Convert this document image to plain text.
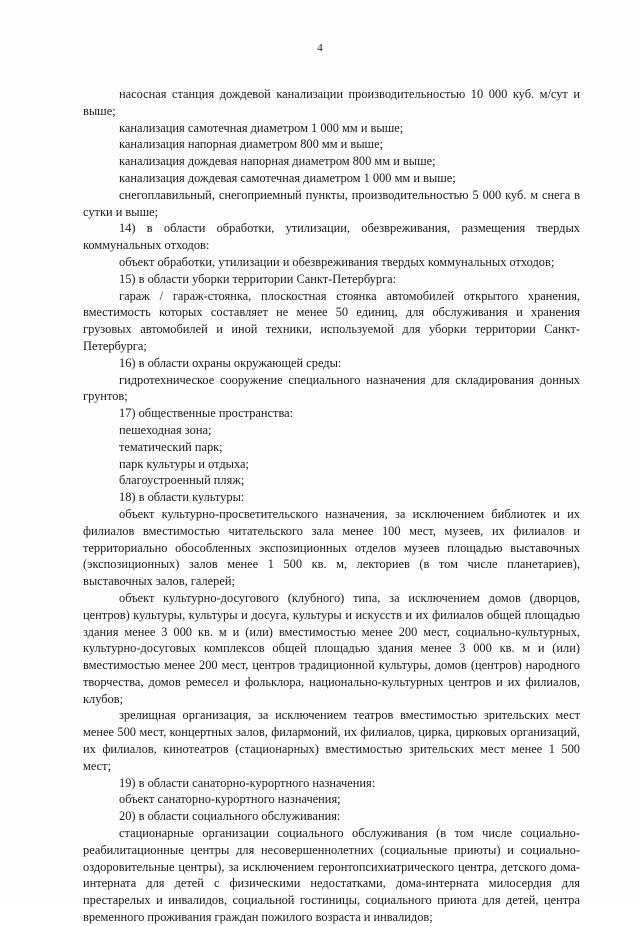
4

насосная станция дождевой канализации производительностью 10 000 куб. м/сут и выше;

канализация самотечная диаметром 1 000 мм и выше;

канализация напорная диаметром 800 мм и выше;

канализация дождевая напорная диаметром 800 мм и выше;

канализация дождевая самотечная диаметром 1 000 мм и выше;

снегоплавильный, снегоприемный пункты, производительностью 5 000 куб. м снега в сутки и выше;

14) в области обработки, утилизации, обезвреживания, размещения твердых коммунальных отходов:

объект обработки, утилизации и обезвреживания твердых коммунальных отходов;

15) в области уборки территории Санкт-Петербурга:

гараж / гараж-стоянка, плоскостная стоянка автомобилей открытого хранения, вместимость которых составляет не менее 50 единиц, для обслуживания и хранения грузовых автомобилей и иной техники, используемой для уборки территории Санкт-Петербурга;

16) в области охраны окружающей среды:

гидротехническое сооружение специального назначения для складирования донных грунтов;

17) общественные пространства:

пешеходная зона;

тематический парк;

парк культуры и отдыха;

благоустроенный пляж;

18) в области культуры:

объект культурно-просветительского назначения, за исключением библиотек и их филиалов вместимостью читательского зала менее 100 мест, музеев, их филиалов и территориально обособленных экспозиционных отделов музеев площадью выставочных (экспозиционных) залов менее 1 500 кв. м, лекториев (в том числе планетариев), выставочных залов, галерей;

объект культурно-досугового (клубного) типа, за исключением домов (дворцов, центров) культуры, культуры и досуга, культуры и искусств и их филиалов общей площадью здания менее 3 000 кв. м и (или) вместимостью менее 200 мест, социально-культурных, культурно-досуговых комплексов общей площадью здания менее 3 000 кв. м и (или) вместимостью менее 200 мест, центров традиционной культуры, домов (центров) народного творчества, домов ремесел и фольклора, национально-культурных центров и их филиалов, клубов;

зрелищная организация, за исключением театров вместимостью зрительских мест менее 500 мест, концертных залов, филармоний, их филиалов, цирка, цирковых организаций, их филиалов, кинотеатров (стационарных) вместимостью зрительских мест менее 1 500 мест;

19) в области санаторно-курортного назначения:

объект санаторно-курортного назначения;

20) в области социального обслуживания:

стационарные организации социального обслуживания (в том числе социально-реабилитационные центры для несовершеннолетних (социальные приюты) и социально-оздоровительные центры), за исключением геронтопсихиатрического центра, детского дома-интерната для детей с физическими недостатками, дома-интерната милосердия для престарелых и инвалидов, социальной гостиницы, социального приюта для детей, центра временного проживания граждан пожилого возраста и инвалидов;
